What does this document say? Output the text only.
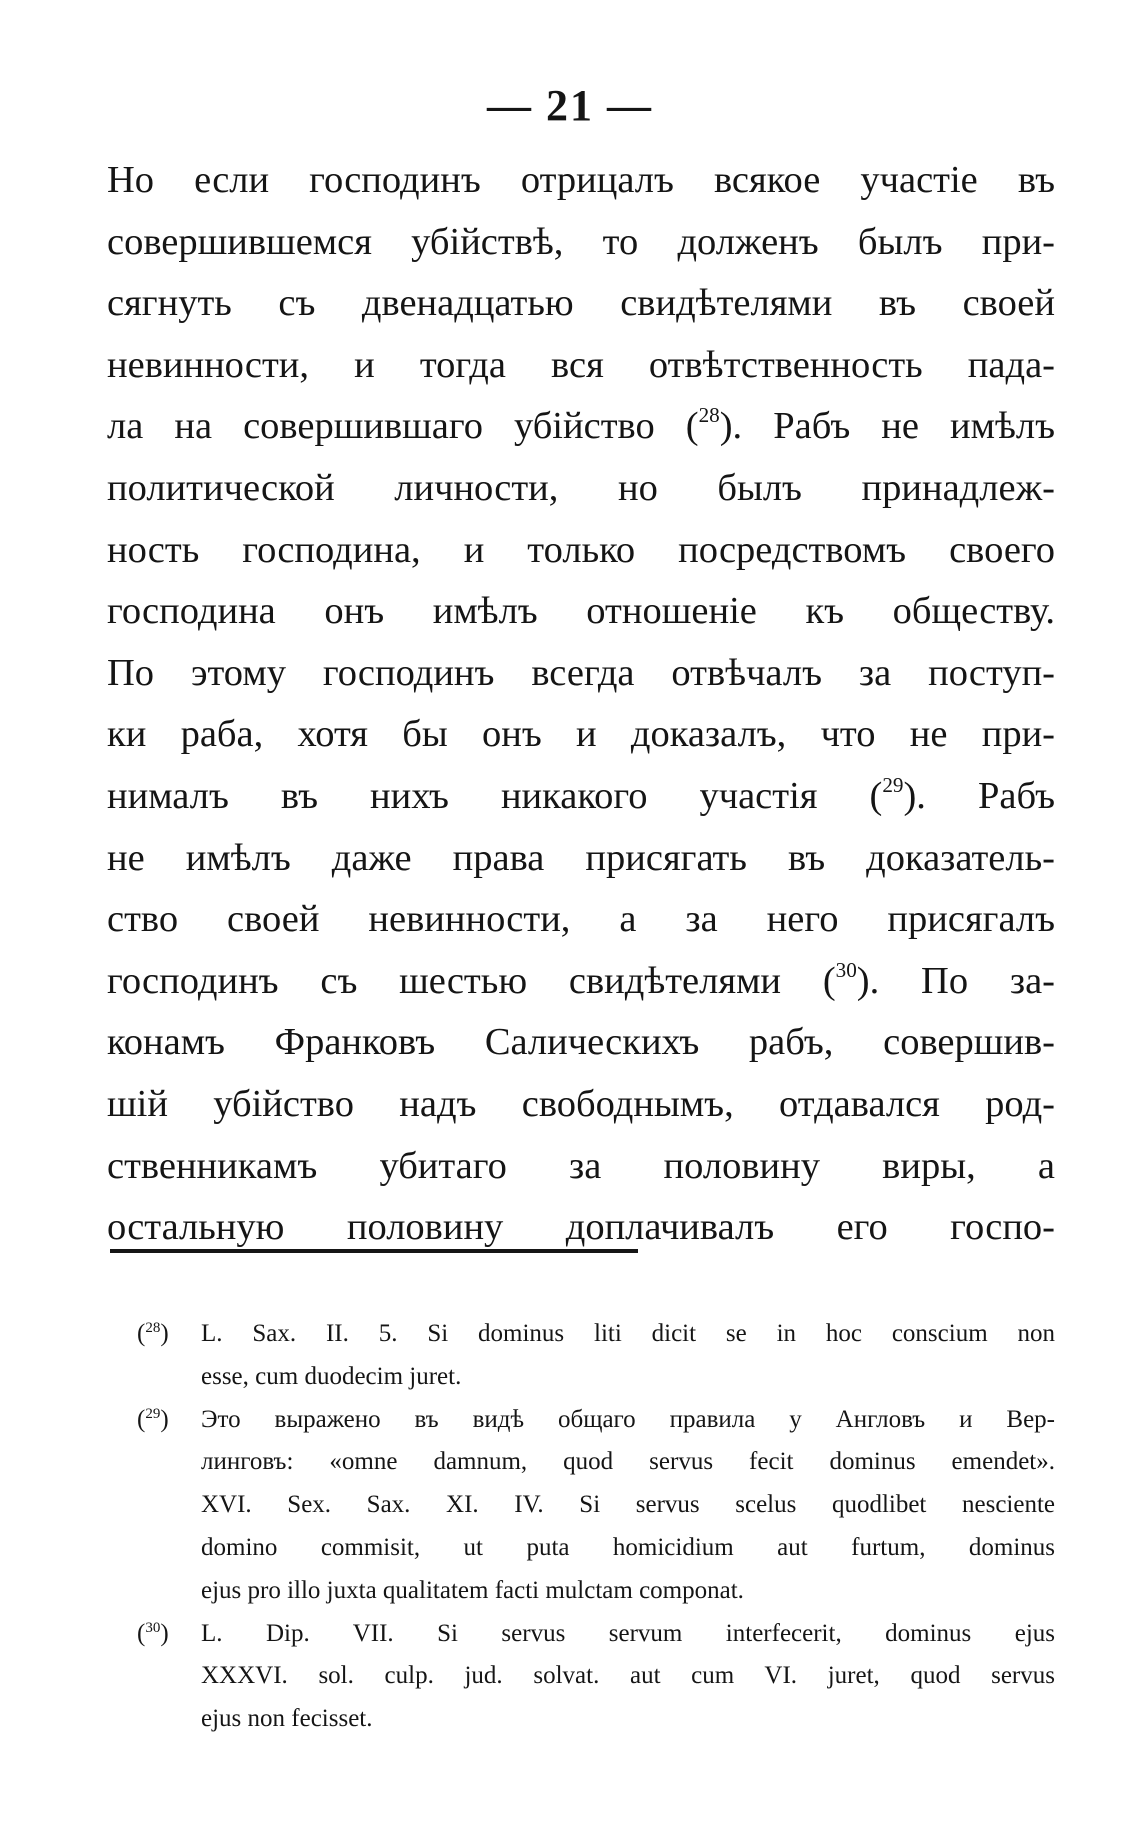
— 21 —
Но если господинъ отрицалъ всякое участіе въ
совершившемся убійствѣ, то долженъ былъ при-
сягнуть съ двенадцатью свидѣтелями въ своей
невинности, и тогда вся отвѣтственность пада-
ла на совершившаго убійство ($^{28}$). Рабъ не имѣлъ
политической личности, но былъ принадлеж-
ность господина, и только посредствомъ своего
господина онъ имѣлъ отношеніе къ обществу.
По этому господинъ всегда отвѣчалъ за поступ-
ки раба, хотя бы онъ и доказалъ, что не при-
нималъ въ нихъ никакого участія ($^{29}$). Рабъ
не имѣлъ даже права присягать въ доказатель-
ство своей невинности, а за него присягалъ
господинъ съ шестью свидѣтелями ($^{30}$). По за-
конамъ Франковъ Салическихъ рабъ, совершив-
шій убійство надъ свободнымъ, отдавался род-
ственникамъ убитаго за половину виры, а
остальную половину доплачивалъ его госпо-
($^{28}$) L. Sax. II. 5. Si dominus liti dicit se in hoc conscium non
esse, cum duodecim juret.
($^{29}$) Это выражено въ видѣ общаго правила у Англовъ и Вер-
линговъ: «omne damnum, quod servus fecit dominus emendet».
XVI. Sex. Sax. XI. IV. Si servus scelus quodlibet nesciente
domino commisit, ut puta homicidium aut furtum, dominus
ejus pro illo juxta qualitatem facti mulctam componat.
($^{30}$) L. Dip. VII. Si servus servum interfecerit, dominus ejus
XXXVI. sol. culp. jud. solvat. aut cum VI. juret, quod servus
ejus non fecisset.
